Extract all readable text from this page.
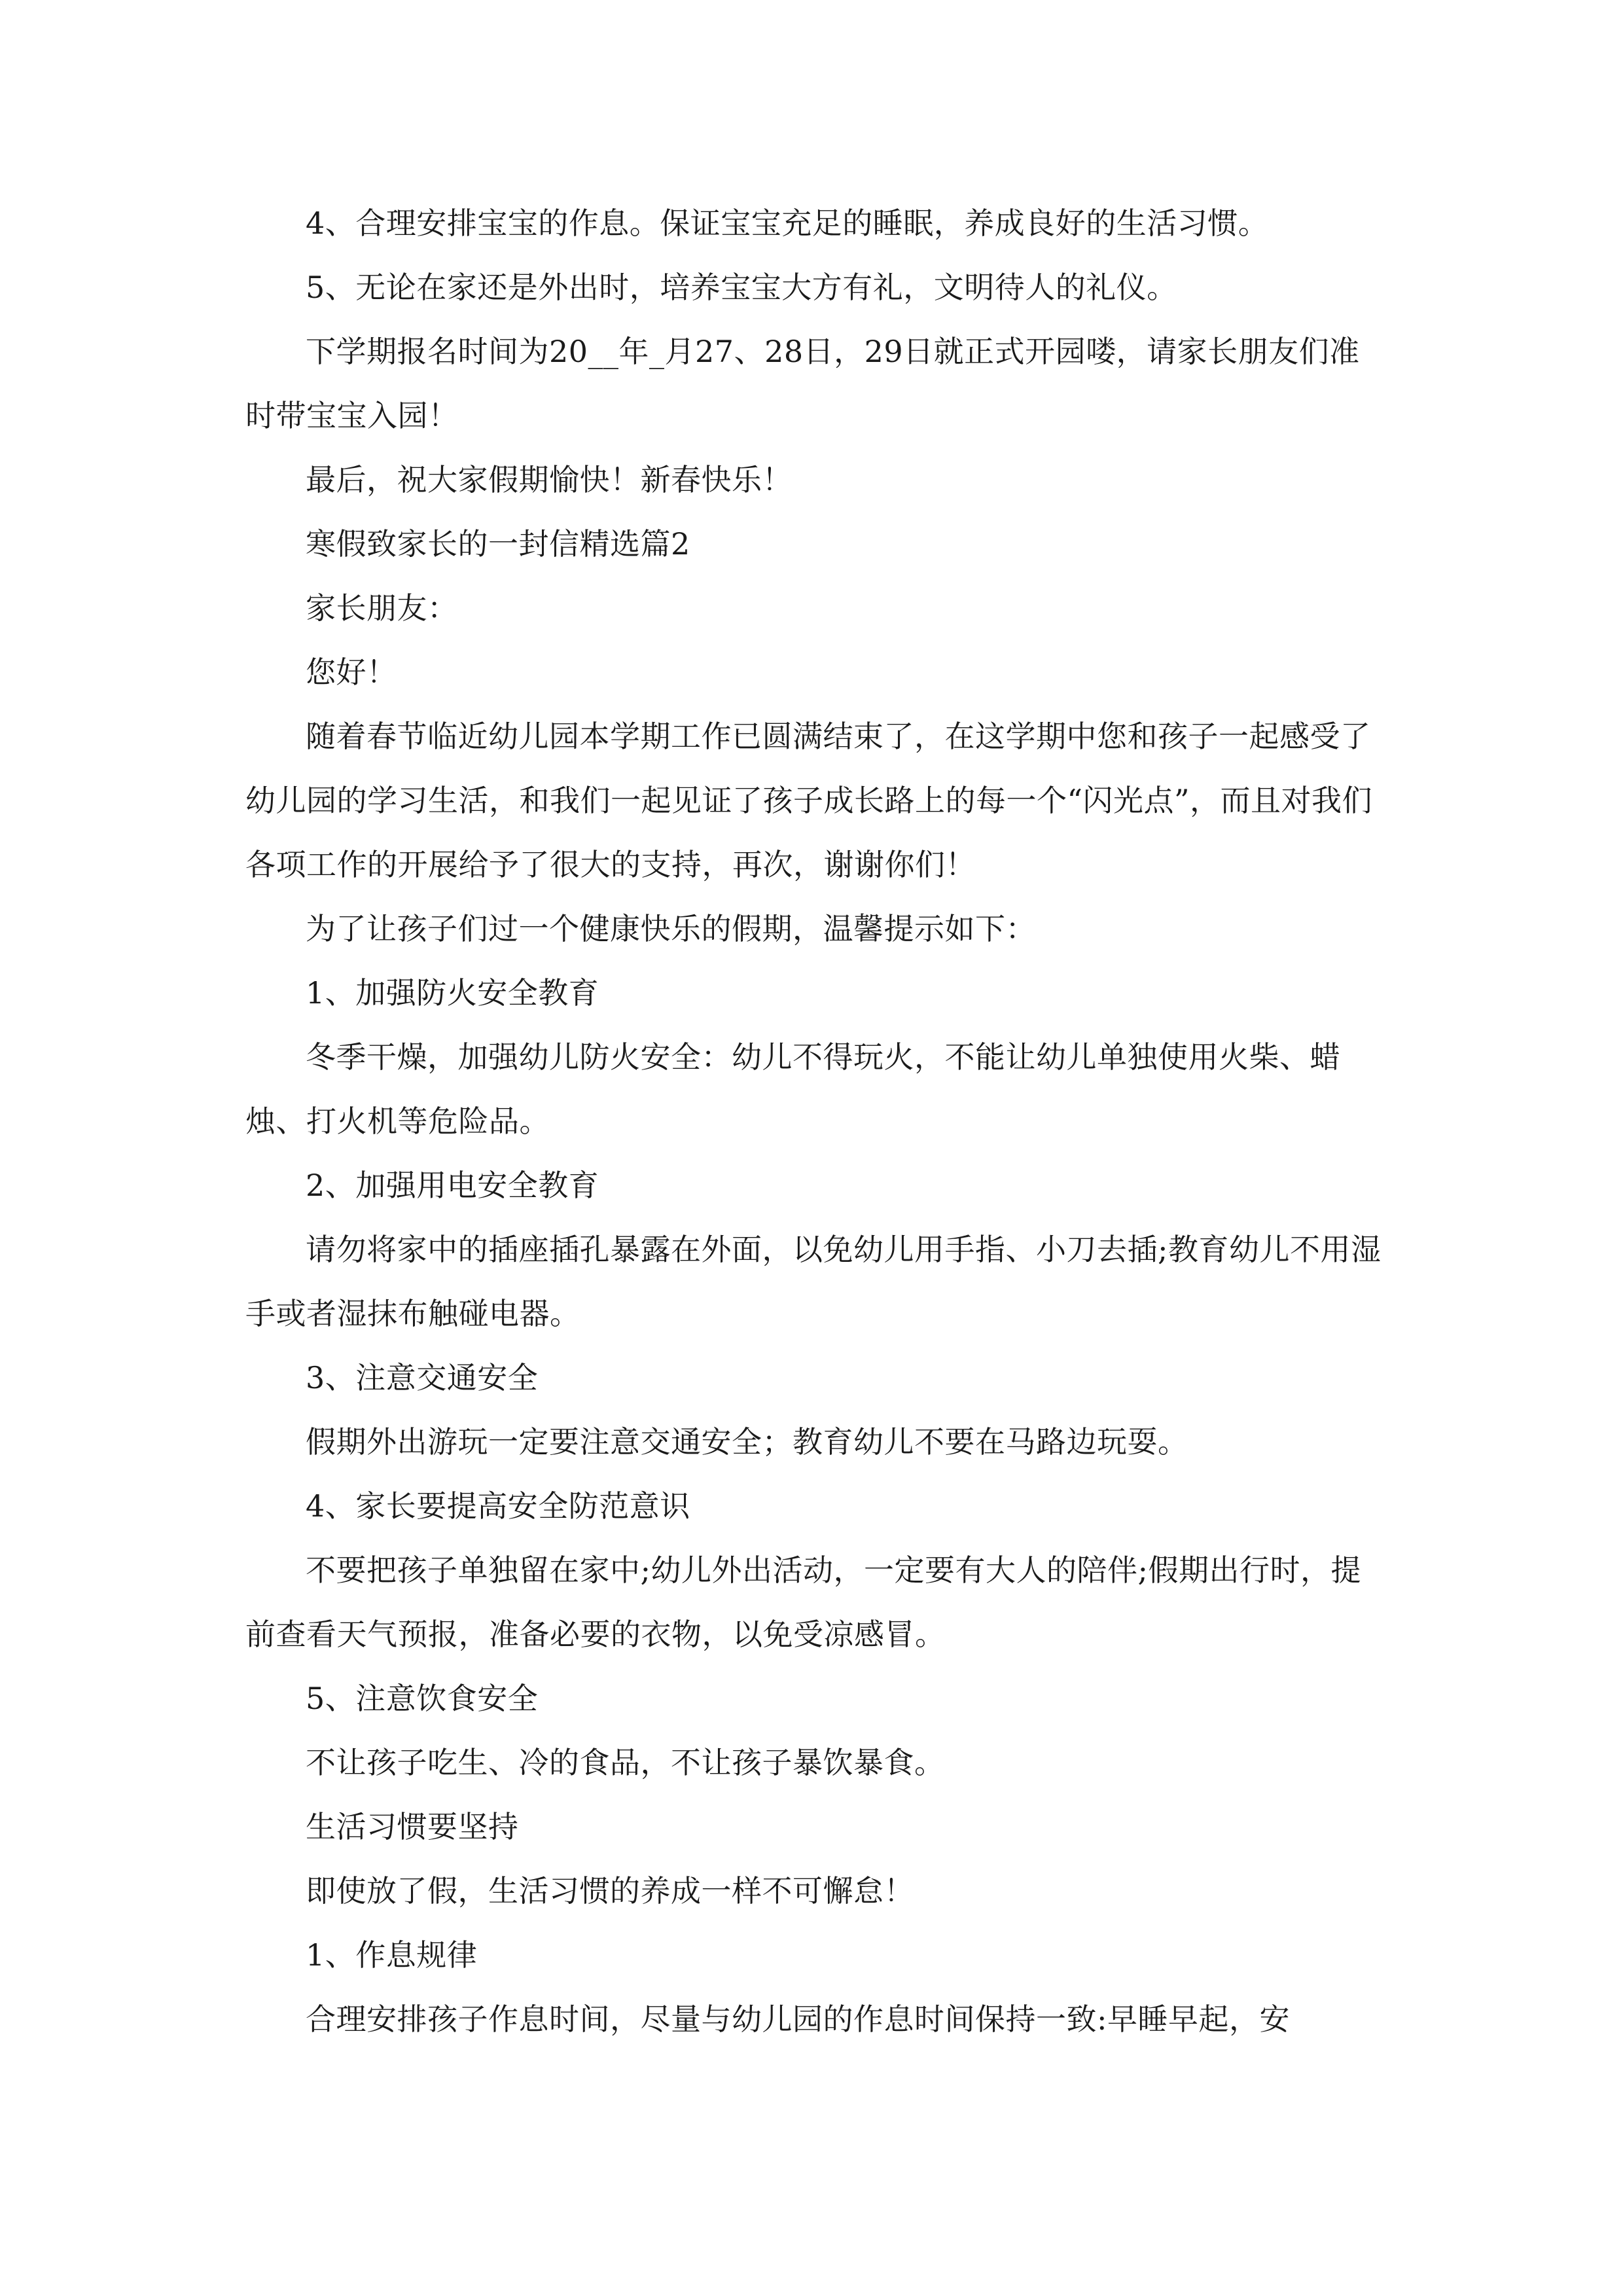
4、合理安排宝宝的作息。保证宝宝充足的睡眠，养成良好的生活习惯。

5、无论在家还是外出时，培养宝宝大方有礼，文明待人的礼仪。

下学期报名时间为20__年_月27、28日，29日就正式开园喽，请家长朋友们准时带宝宝入园！

最后，祝大家假期愉快！新春快乐！

寒假致家长的一封信精选篇2

家长朋友：

您好！

随着春节临近幼儿园本学期工作已圆满结束了，在这学期中您和孩子一起感受了幼儿园的学习生活，和我们一起见证了孩子成长路上的每一个“闪光点”，而且对我们各项工作的开展给予了很大的支持，再次，谢谢你们！

为了让孩子们过一个健康快乐的假期，温馨提示如下：

1、加强防火安全教育

冬季干燥，加强幼儿防火安全：幼儿不得玩火，不能让幼儿单独使用火柴、蜡烛、打火机等危险品。

2、加强用电安全教育

请勿将家中的插座插孔暴露在外面，以免幼儿用手指、小刀去插;教育幼儿不用湿手或者湿抹布触碰电器。

3、注意交通安全

假期外出游玩一定要注意交通安全；教育幼儿不要在马路边玩耍。

4、家长要提高安全防范意识

不要把孩子单独留在家中;幼儿外出活动，一定要有大人的陪伴;假期出行时，提前查看天气预报，准备必要的衣物，以免受凉感冒。

5、注意饮食安全

不让孩子吃生、冷的食品，不让孩子暴饮暴食。

生活习惯要坚持

即使放了假，生活习惯的养成一样不可懈怠！

1、作息规律

合理安排孩子作息时间，尽量与幼儿园的作息时间保持一致:早睡早起，安
